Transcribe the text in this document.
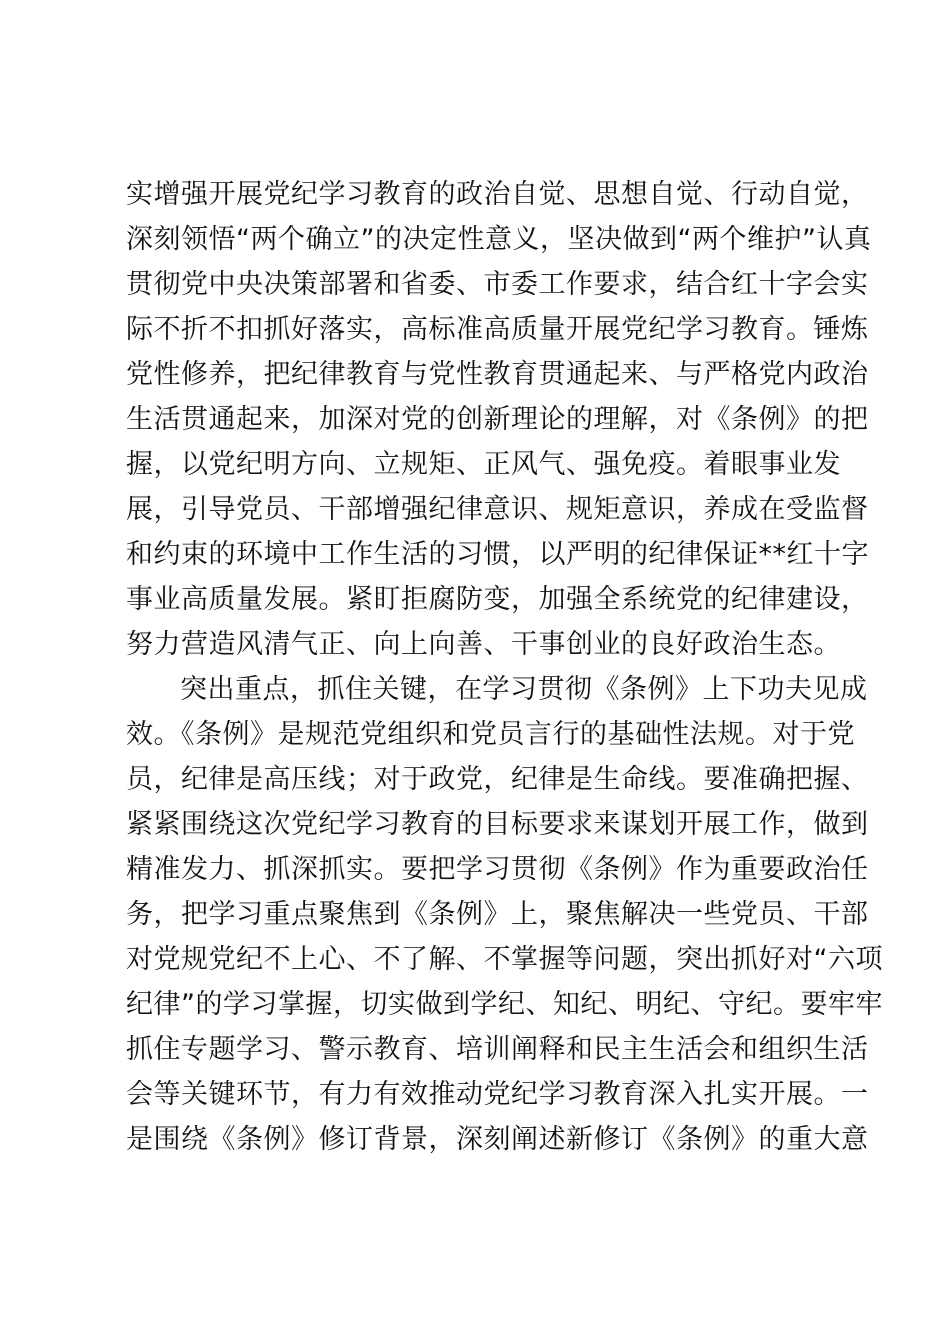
实增强开展党纪学习教育的政治自觉、思想自觉、行动自觉，
深刻领悟“两个确立”的决定性意义，坚决做到“两个维护”认真
贯彻党中央决策部署和省委、市委工作要求，结合红十字会实
际不折不扣抓好落实，高标准高质量开展党纪学习教育。锤炼
党性修养，把纪律教育与党性教育贯通起来、与严格党内政治
生活贯通起来，加深对党的创新理论的理解，对《条例》的把
握，以党纪明方向、立规矩、正风气、强免疫。着眼事业发
展，引导党员、干部增强纪律意识、规矩意识，养成在受监督
和约束的环境中工作生活的习惯，以严明的纪律保证**红十字
事业高质量发展。紧盯拒腐防变，加强全系统党的纪律建设，
努力营造风清气正、向上向善、干事创业的良好政治生态。
突出重点，抓住关键，在学习贯彻《条例》上下功夫见成
效。《条例》是规范党组织和党员言行的基础性法规。对于党
员，纪律是高压线；对于政党，纪律是生命线。要准确把握、
紧紧围绕这次党纪学习教育的目标要求来谋划开展工作，做到
精准发力、抓深抓实。要把学习贯彻《条例》作为重要政治任
务，把学习重点聚焦到《条例》上，聚焦解决一些党员、干部
对党规党纪不上心、不了解、不掌握等问题，突出抓好对“六项
纪律”的学习掌握，切实做到学纪、知纪、明纪、守纪。要牢牢
抓住专题学习、警示教育、培训阐释和民主生活会和组织生活
会等关键环节，有力有效推动党纪学习教育深入扎实开展。一
是围绕《条例》修订背景，深刻阐述新修订《条例》的重大意
